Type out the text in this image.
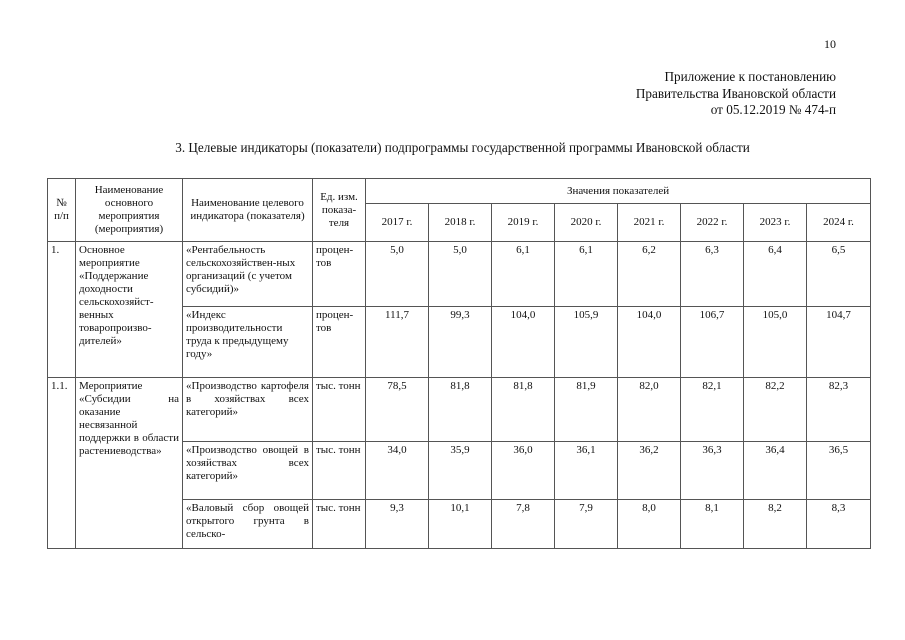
10
Приложение к постановлению
Правительства Ивановской области
от 05.12.2019 № 474-п
3. Целевые индикаторы (показатели) подпрограммы государственной программы Ивановской области
№ п/п	Наименование основного мероприятия (мероприятия)	Наименование целевого индикатора (показателя)	Ед. изм. показа-теля	Значения показателей							
				2017 г.	2018 г.	2019 г.	2020 г.	2021 г.	2022 г.	2023 г.	2024 г.
1.	Основное мероприятие «Поддержание доходности сельскохозяйст-венных товаропроизво-дителей»	«Рентабельность сельскохозяйствен-ных организаций (с учетом субсидий)»	процен-тов	5,0	5,0	6,1	6,1	6,2	6,3	6,4	6,5
		«Индекс производительности труда к предыдущему году»	процен-тов	111,7	99,3	104,0	105,9	104,0	106,7	105,0	104,7
1.1.	Мероприятие «Субсидии на оказание несвязанной поддержки в области растениеводства»	«Производство картофеля в хозяйствах всех категорий»	тыс. тонн	78,5	81,8	81,8	81,9	82,0	82,1	82,2	82,3
		«Производство овощей в хозяйствах всех категорий»	тыс. тонн	34,0	35,9	36,0	36,1	36,2	36,3	36,4	36,5
		«Валовый сбор овощей открытого грунта в сельско-	тыс. тонн	9,3	10,1	7,8	7,9	8,0	8,1	8,2	8,3
